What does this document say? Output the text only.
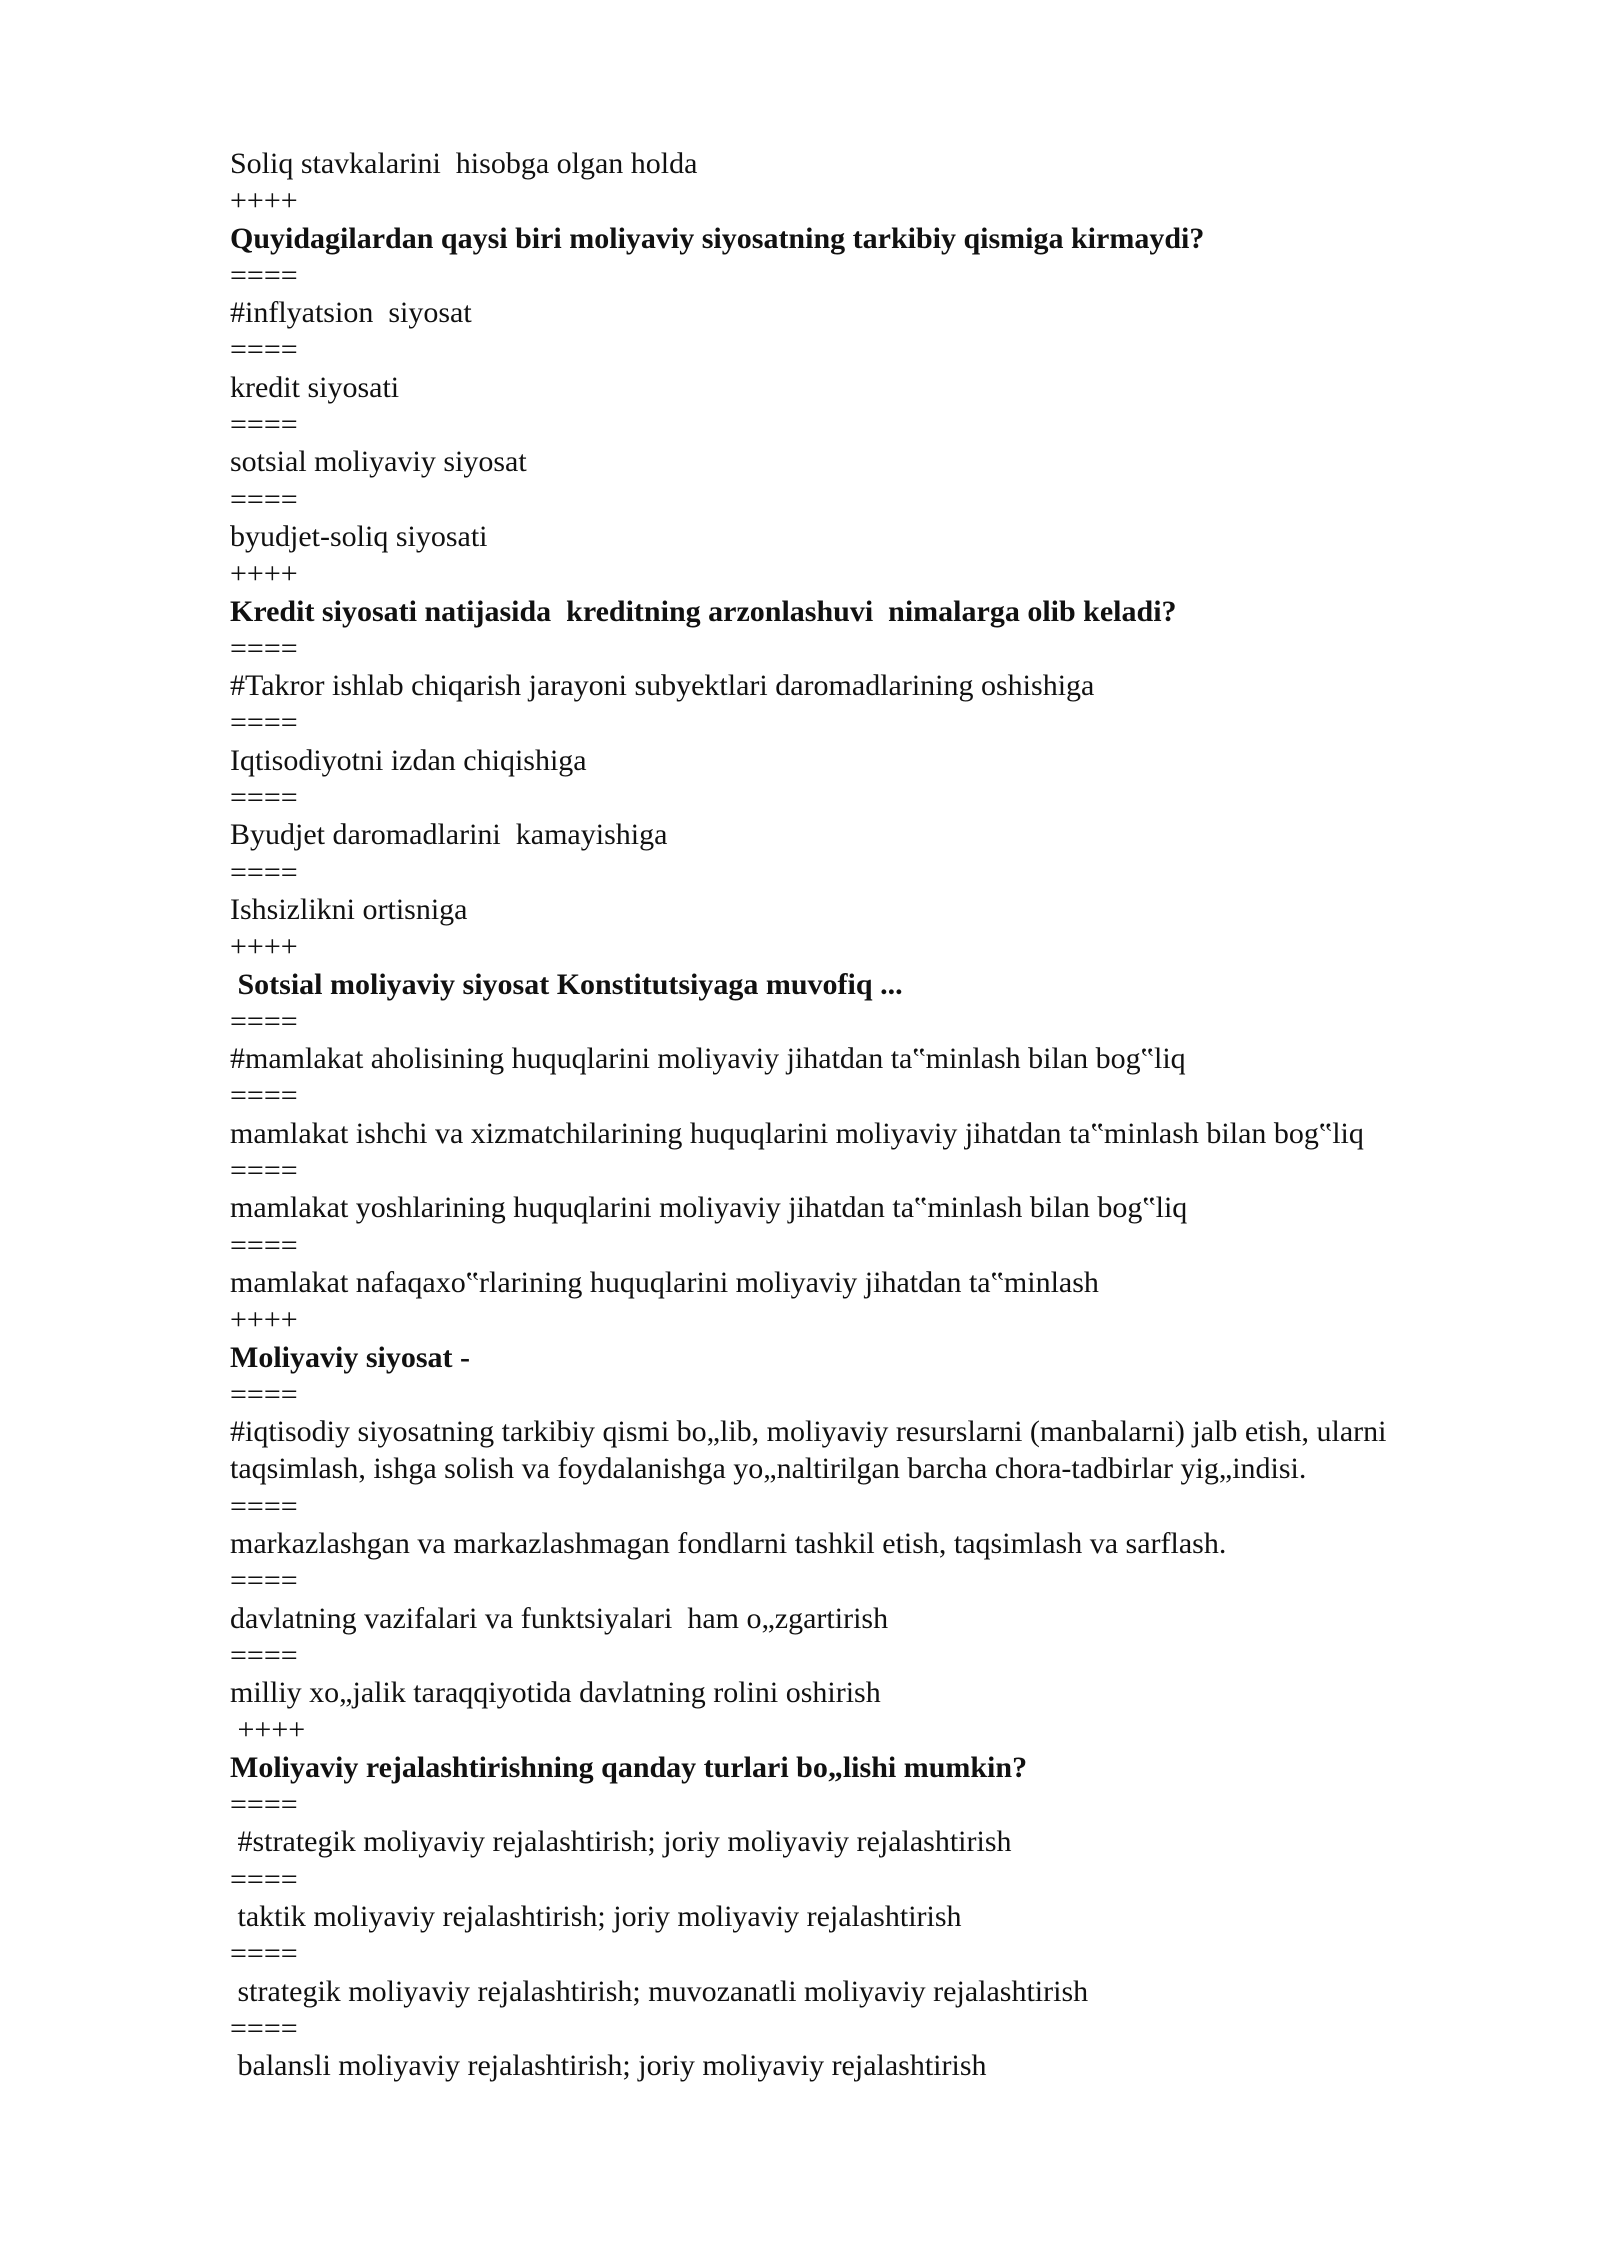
Soliq stavkalarini  hisobga olgan holda

++++

Quyidagilardan qaysi biri moliyaviy siyosatning tarkibiy qismiga kirmaydi?

====

#inflyatsion  siyosat

====

kredit siyosati

====

sotsial moliyaviy siyosat

====

byudjet-soliq siyosati

++++

Kredit siyosati natijasida  kreditning arzonlashuvi  nimalarga olib keladi?

====

#Takror ishlab chiqarish jarayoni subyektlari daromadlarining oshishiga

====

Iqtisodiyotni izdan chiqishiga

====

Byudjet daromadlarini  kamayishiga

====

Ishsizlikni ortisniga

++++

Sotsial moliyaviy siyosat Konstitutsiyaga muvofiq ...

====

#mamlakat aholisining huquqlarini moliyaviy jihatdan ta‟minlash bilan bog‟liq

====

mamlakat ishchi va xizmatchilarining huquqlarini moliyaviy jihatdan ta‟minlash bilan bog‟liq

====

mamlakat yoshlarining huquqlarini moliyaviy jihatdan ta‟minlash bilan bog‟liq

====

mamlakat nafaqaxo‟rlarining huquqlarini moliyaviy jihatdan ta‟minlash

++++

Moliyaviy siyosat -

====

#iqtisodiy siyosatning tarkibiy qismi bo„lib, moliyaviy resurslarni (manbalarni) jalb etish, ularni

taqsimlash, ishga solish va foydalanishga yo„naltirilgan barcha chora-tadbirlar yig„indisi.

====

markazlashgan va markazlashmagan fondlarni tashkil etish, taqsimlash va sarflash.

====

davlatning vazifalari va funktsiyalari  ham o„zgartirish

====

milliy xo„jalik taraqqiyotida davlatning rolini oshirish

++++

Moliyaviy rejalashtirishning qanday turlari bo„lishi mumkin?

====

#strategik moliyaviy rejalashtirish; joriy moliyaviy rejalashtirish

====

taktik moliyaviy rejalashtirish; joriy moliyaviy rejalashtirish

====

strategik moliyaviy rejalashtirish; muvozanatli moliyaviy rejalashtirish

====

balansli moliyaviy rejalashtirish; joriy moliyaviy rejalashtirish
